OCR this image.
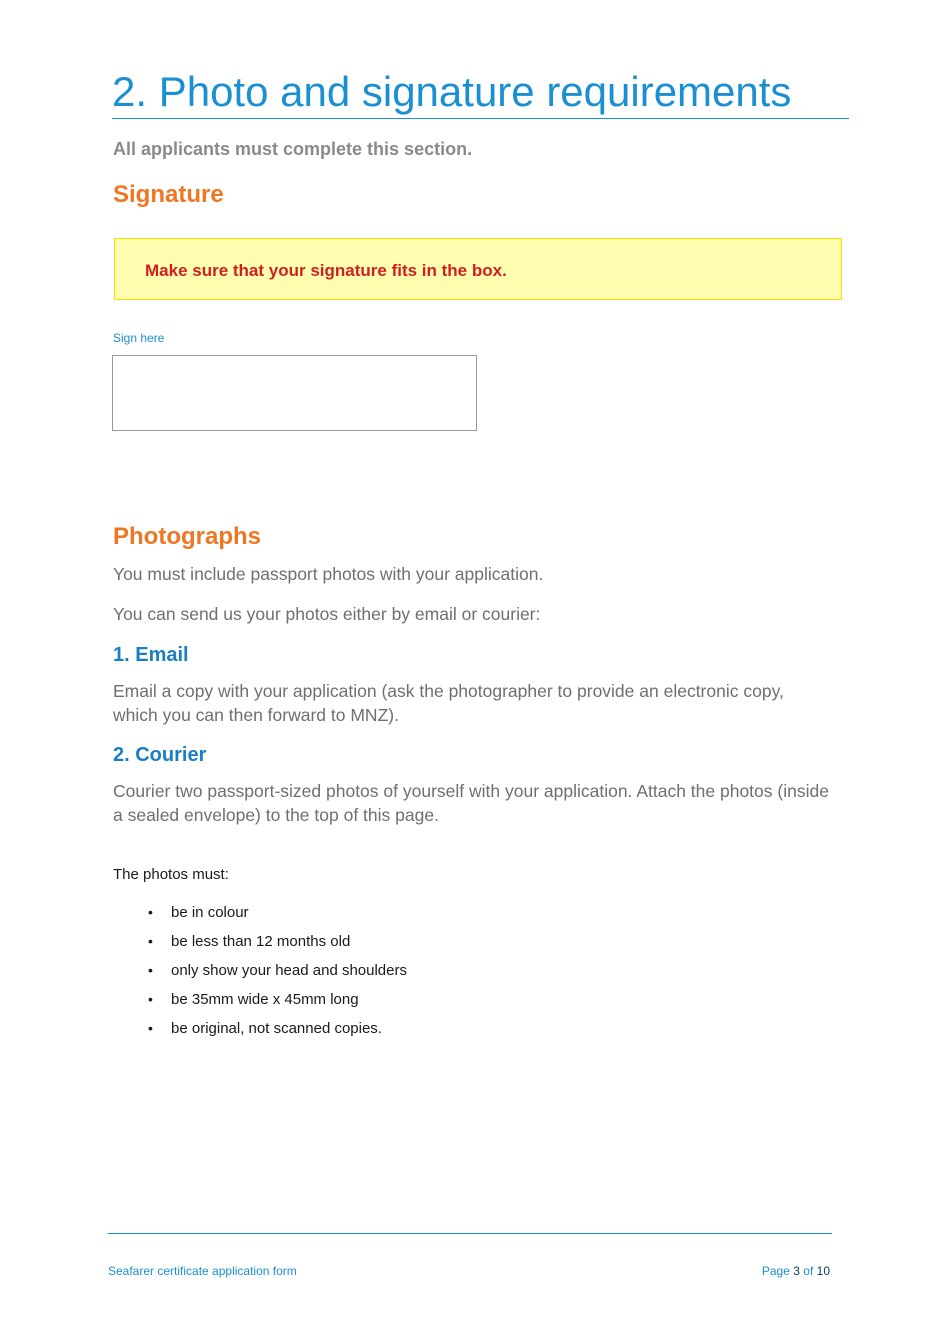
2. Photo and signature requirements

All applicants must complete this section.

Signature

Make sure that your signature fits in the box.

Sign here
Photographs

You must include passport photos with your application.

You can send us your photos either by email or courier:

1. Email

Email a copy with your application (ask the photographer to provide an electronic copy, which you can then forward to MNZ).

2. Courier

Courier two passport-sized photos of yourself with your application. Attach the photos (inside a sealed envelope) to the top of this page.

The photos must:

• be in colour
• be less than 12 months old
• only show your head and shoulders
• be 35mm wide x 45mm long
• be original, not scanned copies.
Seafarer certificate application form	Page 3 of 10
